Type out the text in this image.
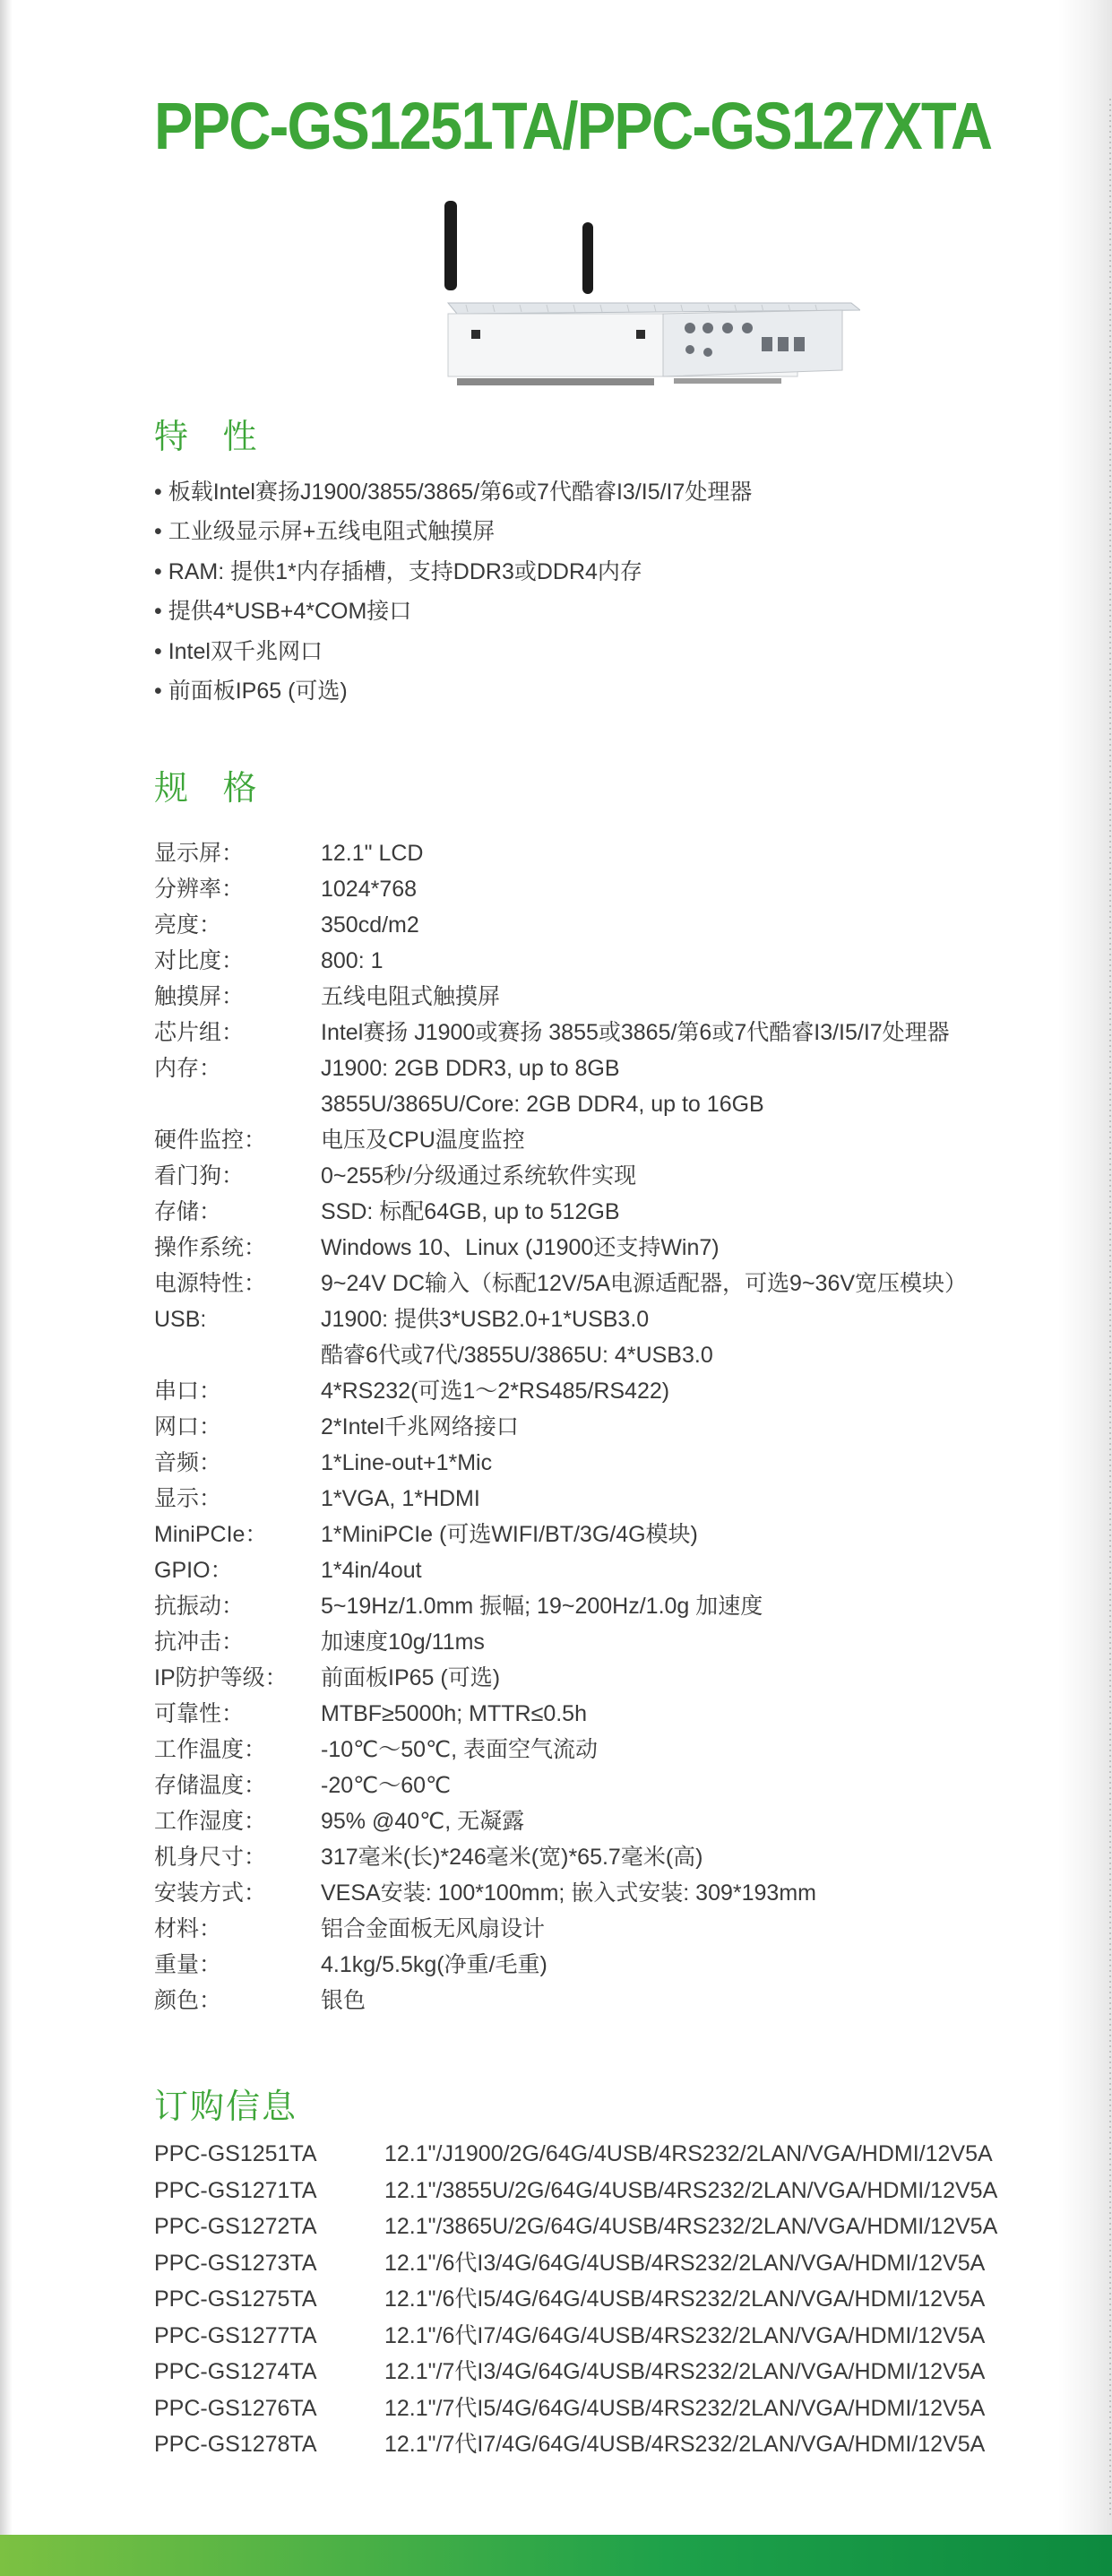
PPC-GS1251TA/PPC-GS127XTA
特 性
• 板载Intel赛扬J1900/3855/3865/第6或7代酷睿I3/I5/I7处理器
• 工业级显示屏+五线电阻式触摸屏
• RAM: 提供1*内存插槽，支持DDR3或DDR4内存
• 提供4*USB+4*COM接口
• Intel双千兆网口
• 前面板IP65 (可选)
规 格
显示屏：	12.1" LCD
分辨率：	1024*768
亮度：	350cd/m2
对比度：	800: 1
触摸屏：	五线电阻式触摸屏
芯片组：	Intel赛扬 J1900或赛扬 3855或3865/第6或7代酷睿I3/I5/I7处理器
内存：	J1900: 2GB DDR3, up to 8GB
3855U/3865U/Core: 2GB DDR4, up to 16GB
硬件监控：	电压及CPU温度监控
看门狗：	0~255秒/分级通过系统软件实现
存储：	SSD: 标配64GB, up to 512GB
操作系统：	Windows 10、Linux (J1900还支持Win7)
电源特性：	9~24V DC输入（标配12V/5A电源适配器，可选9~36V宽压模块）
USB:	J1900: 提供3*USB2.0+1*USB3.0
酷睿6代或7代/3855U/3865U: 4*USB3.0
串口：	4*RS232(可选1～2*RS485/RS422)
网口：	2*Intel千兆网络接口
音频：	1*Line-out+1*Mic
显示：	1*VGA, 1*HDMI
MiniPCIe：	1*MiniPCIe (可选WIFI/BT/3G/4G模块)
GPIO：	1*4in/4out
抗振动：	5~19Hz/1.0mm 振幅; 19~200Hz/1.0g 加速度
抗冲击：	加速度10g/11ms
IP防护等级：	前面板IP65 (可选)
可靠性：	MTBF≥5000h; MTTR≤0.5h
工作温度：	-10℃～50℃, 表面空气流动
存储温度：	-20℃～60℃
工作湿度：	95% @40℃, 无凝露
机身尺寸：	317毫米(长)*246毫米(宽)*65.7毫米(高)
安装方式：	VESA安装: 100*100mm; 嵌入式安装: 309*193mm
材料：	铝合金面板无风扇设计
重量：	4.1kg/5.5kg(净重/毛重)
颜色：	银色
订购信息
PPC-GS1251TA	12.1"/J1900/2G/64G/4USB/4RS232/2LAN/VGA/HDMI/12V5A
PPC-GS1271TA	12.1"/3855U/2G/64G/4USB/4RS232/2LAN/VGA/HDMI/12V5A
PPC-GS1272TA	12.1"/3865U/2G/64G/4USB/4RS232/2LAN/VGA/HDMI/12V5A
PPC-GS1273TA	12.1"/6代I3/4G/64G/4USB/4RS232/2LAN/VGA/HDMI/12V5A
PPC-GS1275TA	12.1"/6代I5/4G/64G/4USB/4RS232/2LAN/VGA/HDMI/12V5A
PPC-GS1277TA	12.1"/6代I7/4G/64G/4USB/4RS232/2LAN/VGA/HDMI/12V5A
PPC-GS1274TA	12.1"/7代I3/4G/64G/4USB/4RS232/2LAN/VGA/HDMI/12V5A
PPC-GS1276TA	12.1"/7代I5/4G/64G/4USB/4RS232/2LAN/VGA/HDMI/12V5A
PPC-GS1278TA	12.1"/7代I7/4G/64G/4USB/4RS232/2LAN/VGA/HDMI/12V5A
